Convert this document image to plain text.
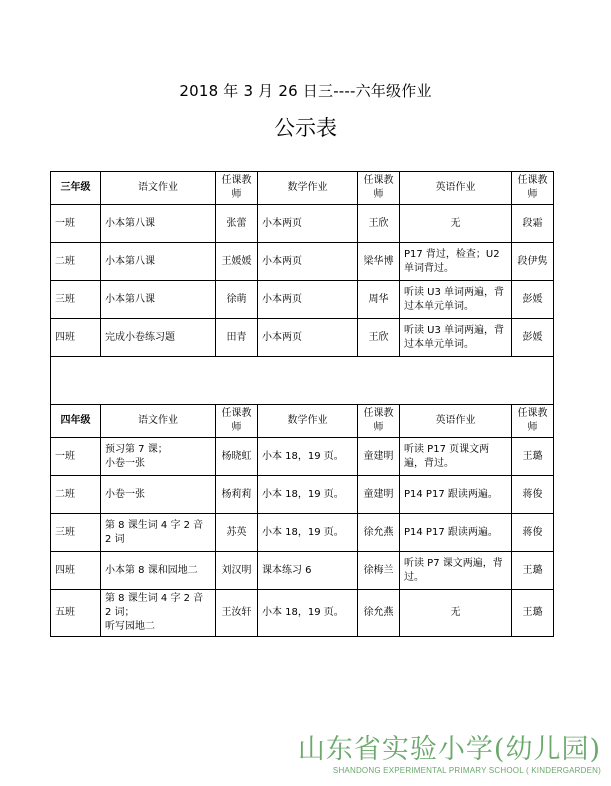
2018 年 3 月 26 日三----六年级作业
公示表
三年级	语文作业	任课教师	数学作业	任课教师	英语作业	任课教师
一班	小本第八课	张蕾	小本两页	王欣	无	段霜
二班	小本第八课	王媛媛	小本两页	梁华博	P17 背过，检查；U2 单词背过。	段伊隽
三班	小本第八课	徐萌	小本两页	周华	听读 U3 单词两遍，背过本单元单词。	彭媛
四班	完成小卷练习题	田青	小本两页	王欣	听读 U3 单词两遍，背过本单元单词。	彭媛

四年级	语文作业	任课教师	数学作业	任课教师	英语作业	任课教师
一班	预习第 7 课；
小卷一张	杨晓虹	小本 18，19 页。	童建明	听读 P17 页课文两遍，背过。	王璐
二班	小卷一张	杨莉莉	小本 18，19 页。	童建明	P14 P17 跟读两遍。	蒋俊
三班	第 8 课生词 4 字 2 音 2 词	苏英	小本 18，19 页。	徐允燕	P14 P17 跟读两遍。	蒋俊
四班	小本第 8 课和园地二	刘汉明	课本练习 6	徐梅兰	听读 P7 课文两遍，背过。	王璐
五班	第 8 课生词 4 字 2 音 2 词；
听写园地二	王汝轩	小本 18，19 页。	徐允燕	无	王璐
山东省实验小学(幼儿园)
SHANDONG EXPERIMENTAL PRIMARY SCHOOL ( KINDERGARDEN)
